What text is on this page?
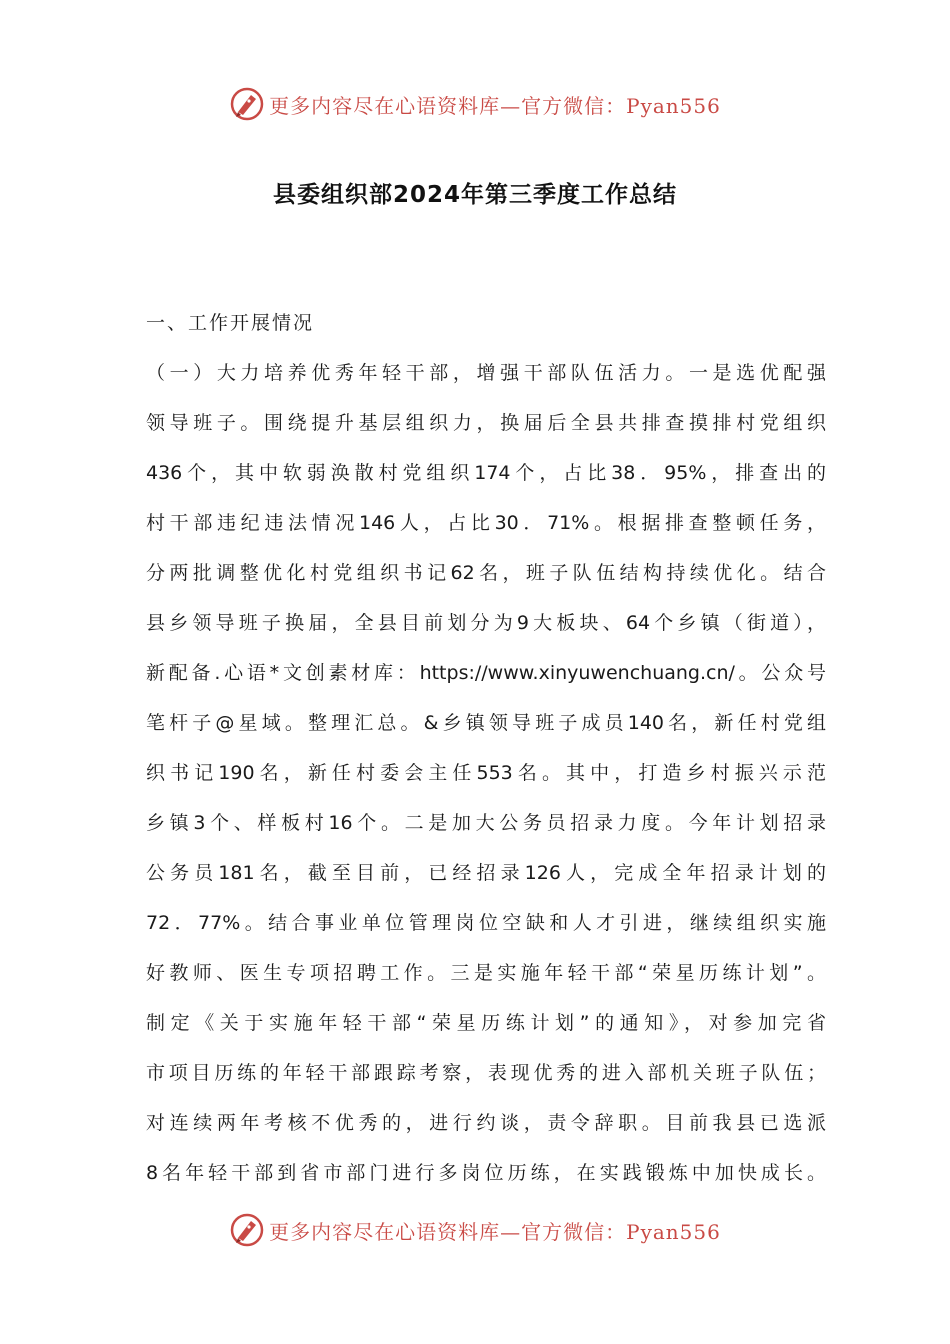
更多内容尽在心语资料库—官方微信：Pyan556
县委组织部2024年第三季度工作总结
一、工作开展情况
（一）大力培养优秀年轻干部，增强干部队伍活力。一是选优配强
领导班子。围绕提升基层组织力，换届后全县共排查摸排村党组织
436个，其中软弱涣散村党组织174个，占比38．95%，排查出的
村干部违纪违法情况146人，占比30．71%。根据排查整顿任务，
分两批调整优化村党组织书记62名，班子队伍结构持续优化。结合
县乡领导班子换届，全县目前划分为9大板块、64个乡镇（街道），
新配备.心语*文创素材库：https://www.xinyuwenchuang.cn/。公众号
笔杆子@星域。整理汇总。&乡镇领导班子成员140名，新任村党组
织书记190名，新任村委会主任553名。其中，打造乡村振兴示范
乡镇3个、样板村16个。二是加大公务员招录力度。今年计划招录
公务员181名，截至目前，已经招录126人，完成全年招录计划的
72．77%。结合事业单位管理岗位空缺和人才引进，继续组织实施
好教师、医生专项招聘工作。三是实施年轻干部“荣星历练计划”。
制定《关于实施年轻干部“荣星历练计划”的通知》，对参加完省
市项目历练的年轻干部跟踪考察，表现优秀的进入部机关班子队伍；
对连续两年考核不优秀的，进行约谈，责令辞职。目前我县已选派
8名年轻干部到省市部门进行多岗位历练，在实践锻炼中加快成长。
更多内容尽在心语资料库—官方微信：Pyan556
